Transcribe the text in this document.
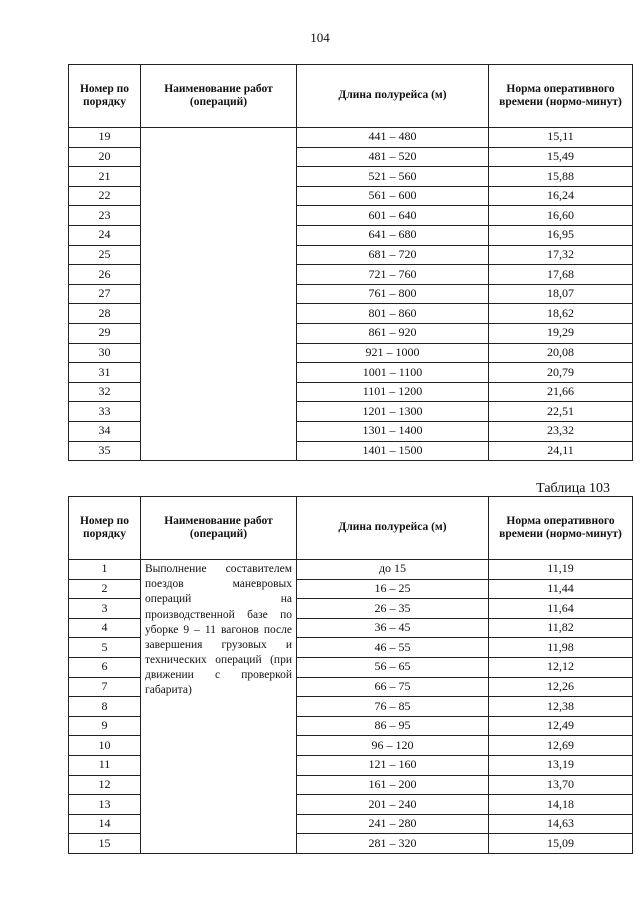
104
Номер по порядку	Наименование работ (операций)	Длина полурейса (м)	Норма оперативного времени (нормо-минут)
19		441 – 480	15,11
20		481 – 520	15,49
21		521 – 560	15,88
22		561 – 600	16,24
23		601 – 640	16,60
24		641 – 680	16,95
25		681 – 720	17,32
26		721 – 760	17,68
27		761 – 800	18,07
28		801 – 860	18,62
29		861 – 920	19,29
30		921 – 1000	20,08
31		1001 – 1100	20,79
32		1101 – 1200	21,66
33		1201 – 1300	22,51
34		1301 – 1400	23,32
35		1401 – 1500	24,11
Таблица 103
Номер по порядку	Наименование работ (операций)	Длина полурейса (м)	Норма оперативного времени (нормо-минут)
1	Выполнение составителем поездов маневровых операций на производственной базе по уборке 9 – 11 вагонов после завершения грузовых и технических операций (при движении с проверкой габарита)	до 15	11,19
2		16 – 25	11,44
3		26 – 35	11,64
4		36 – 45	11,82
5		46 – 55	11,98
6		56 – 65	12,12
7		66 – 75	12,26
8		76 – 85	12,38
9		86 – 95	12,49
10		96 – 120	12,69
11		121 – 160	13,19
12		161 – 200	13,70
13		201 – 240	14,18
14		241 – 280	14,63
15		281 – 320	15,09
